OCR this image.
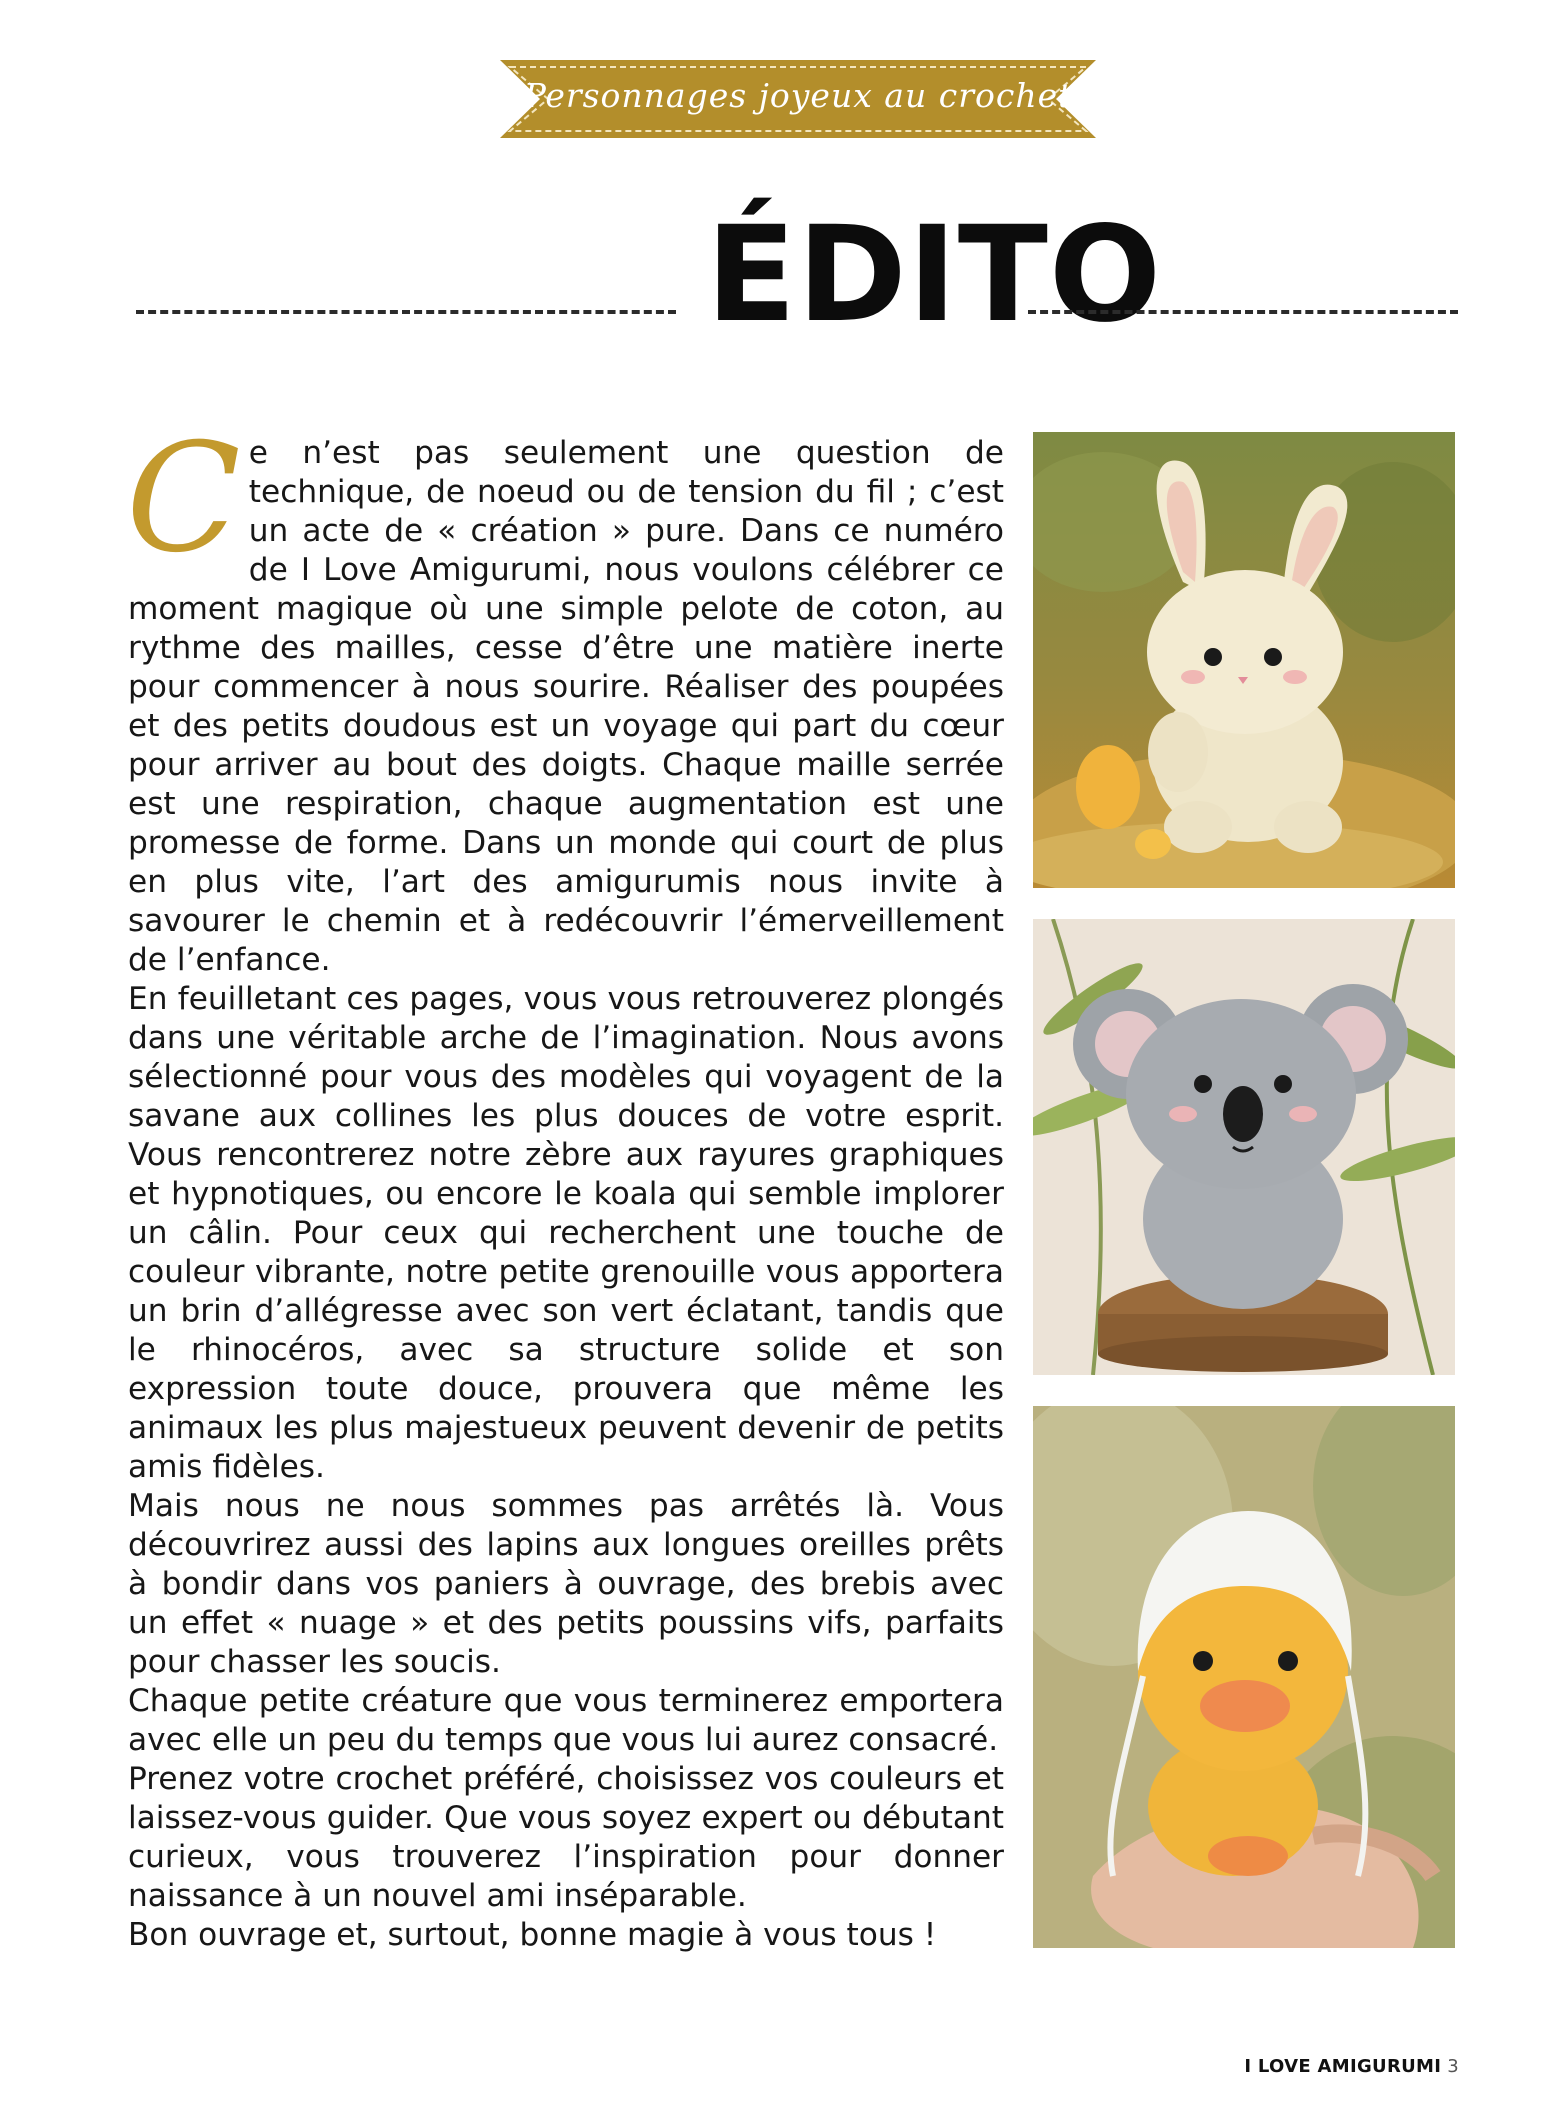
Personnages joyeux au crochet
ÉDITO

Ce n’est pas seulement une question de technique, de noeud ou de tension du fil ; c’est un acte de « création » pure. Dans ce numéro de I Love Amigurumi, nous voulons célébrer ce moment magique où une simple pelote de coton, au rythme des mailles, cesse d’être une matière inerte pour commencer à nous sourire. Réaliser des poupées et des petits doudous est un voyage qui part du cœur pour arriver au bout des doigts. Chaque maille serrée est une respiration, chaque augmentation est une promesse de forme. Dans un monde qui court de plus en plus vite, l’art des amigurumis nous invite à savourer le chemin et à redécouvrir l’émerveillement de l’enfance.

En feuilletant ces pages, vous vous retrouverez plongés dans une véritable arche de l’imagination. Nous avons sélectionné pour vous des modèles qui voyagent de la savane aux collines les plus douces de votre esprit. Vous rencontrerez notre zèbre aux rayures graphiques et hypnotiques, ou encore le koala qui semble implorer un câlin. Pour ceux qui recherchent une touche de couleur vibrante, notre petite grenouille vous apportera un brin d’allégresse avec son vert éclatant, tandis que le rhinocéros, avec sa structure solide et son expression toute douce, prouvera que même les animaux les plus majestueux peuvent devenir de petits amis fidèles.

Mais nous ne nous sommes pas arrêtés là. Vous découvrirez aussi des lapins aux longues oreilles prêts à bondir dans vos paniers à ouvrage, des brebis avec un effet « nuage » et des petits poussins vifs, parfaits pour chasser les soucis.

Chaque petite créature que vous terminerez emportera avec elle un peu du temps que vous lui aurez consacré.

Prenez votre crochet préféré, choisissez vos couleurs et laissez-vous guider. Que vous soyez expert ou débutant curieux, vous trouverez l’inspiration pour donner naissance à un nouvel ami inséparable.

Bon ouvrage et, surtout, bonne magie à vous tous !

I LOVE AMIGURUMI 3
